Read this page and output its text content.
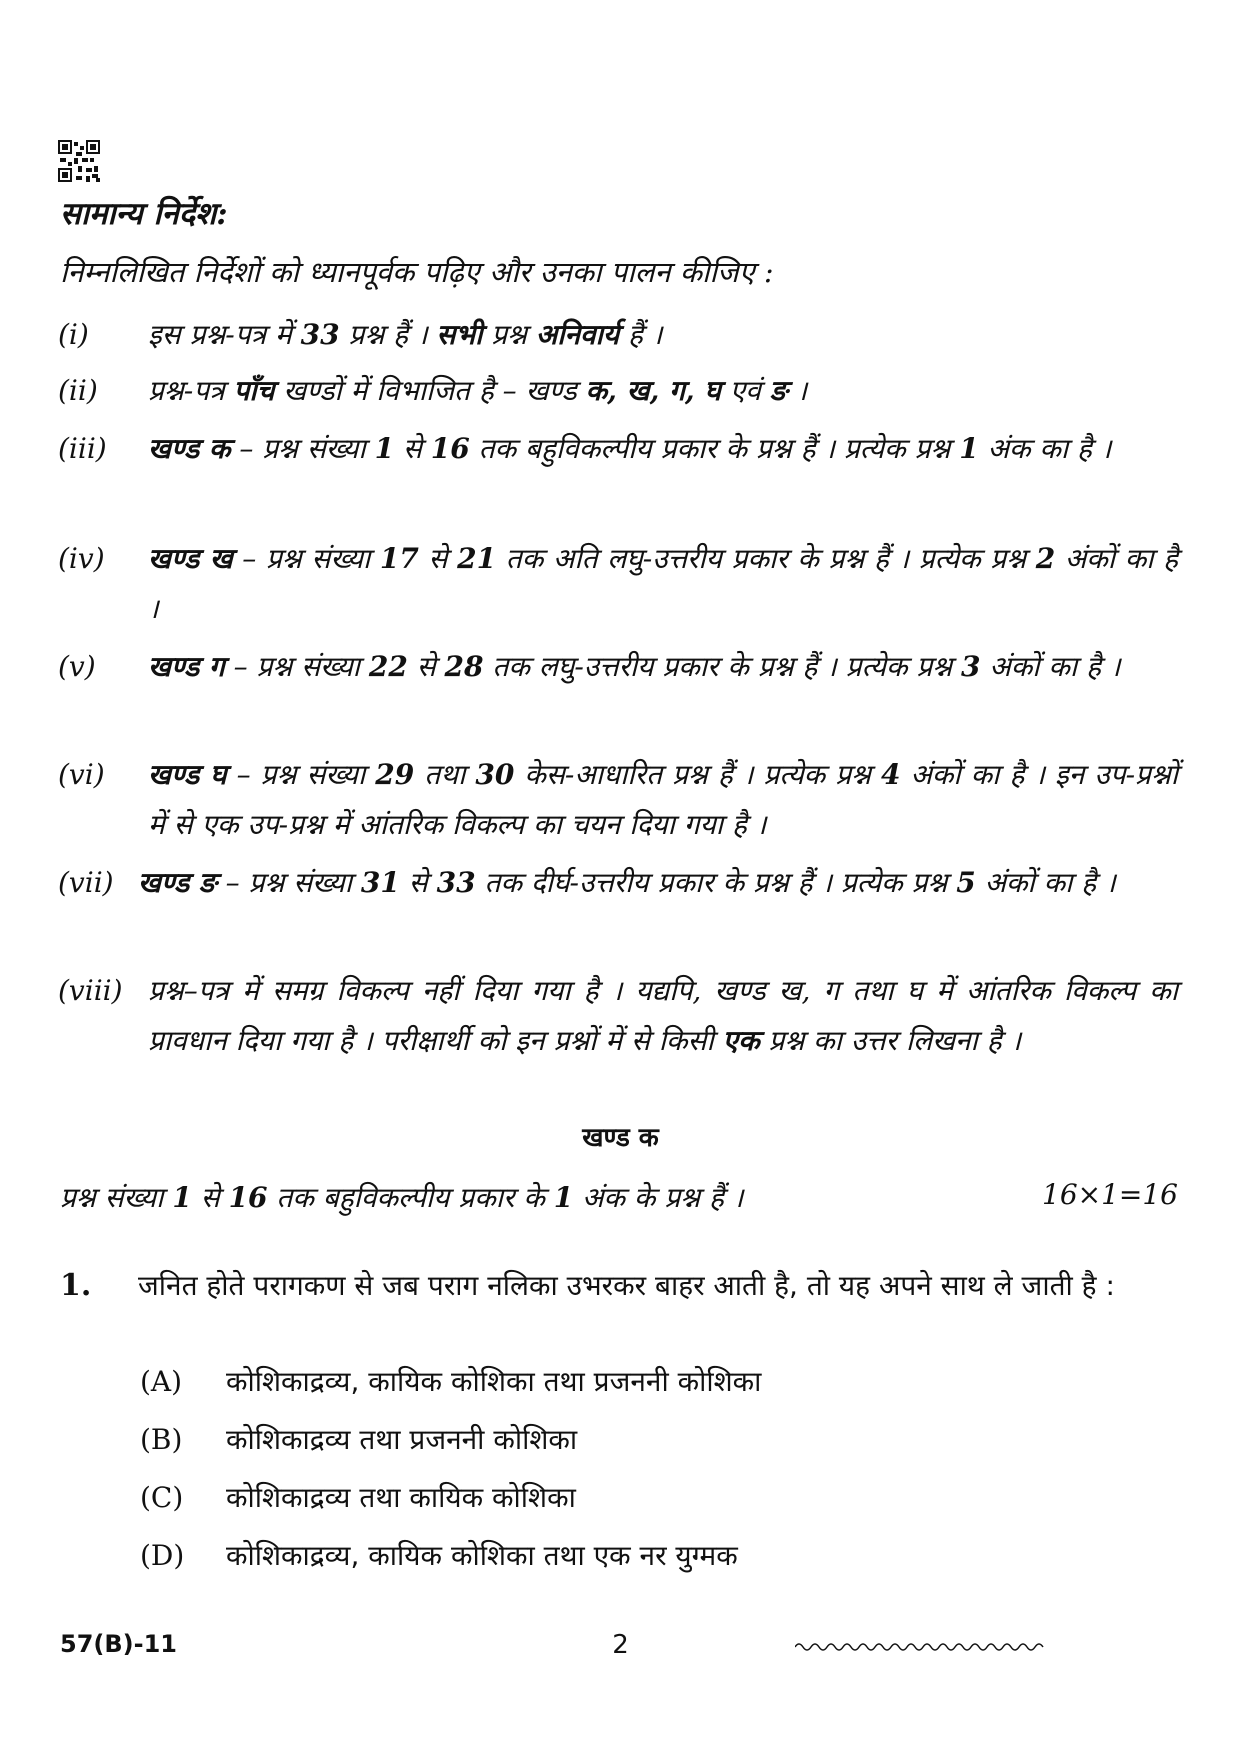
सामान्य निर्देश:
निम्नलिखित निर्देशों को ध्यानपूर्वक पढ़िए और उनका पालन कीजिए :
(i) इस प्रश्न-पत्र में 33 प्रश्न हैं । सभी प्रश्न अनिवार्य हैं ।
(ii) प्रश्न-पत्र पाँच खण्डों में विभाजित है – खण्ड क, ख, ग, घ एवं ङ ।
(iii) खण्ड क – प्रश्न संख्या 1 से 16 तक बहुविकल्पीय प्रकार के प्रश्न हैं । प्रत्येक प्रश्न 1 अंक का है ।
(iv) खण्ड ख – प्रश्न संख्या 17 से 21 तक अति लघु-उत्तरीय प्रकार के प्रश्न हैं । प्रत्येक प्रश्न 2 अंकों का है ।
(v) खण्ड ग – प्रश्न संख्या 22 से 28 तक लघु-उत्तरीय प्रकार के प्रश्न हैं । प्रत्येक प्रश्न 3 अंकों का है ।
(vi) खण्ड घ – प्रश्न संख्या 29 तथा 30 केस-आधारित प्रश्न हैं । प्रत्येक प्रश्न 4 अंकों का है । इन उप-प्रश्नों में से एक उप-प्रश्न में आंतरिक विकल्प का चयन दिया गया है ।
(vii) खण्ड ङ – प्रश्न संख्या 31 से 33 तक दीर्घ-उत्तरीय प्रकार के प्रश्न हैं । प्रत्येक प्रश्न 5 अंकों का है ।
(viii) प्रश्न–पत्र में समग्र विकल्प नहीं दिया गया है । यद्यपि, खण्ड ख, ग तथा घ में आंतरिक विकल्प का प्रावधान दिया गया है । परीक्षार्थी को इन प्रश्नों में से किसी एक प्रश्न का उत्तर लिखना है ।
खण्ड क
प्रश्न संख्या 1 से 16 तक बहुविकल्पीय प्रकार के 1 अंक के प्रश्न हैं ।	16×1=16
1. जनित होते परागकण से जब पराग नलिका उभरकर बाहर आती है, तो यह अपने साथ ले जाती है :
(A) कोशिकाद्रव्य, कायिक कोशिका तथा प्रजननी कोशिका
(B) कोशिकाद्रव्य तथा प्रजननी कोशिका
(C) कोशिकाद्रव्य तथा कायिक कोशिका
(D) कोशिकाद्रव्य, कायिक कोशिका तथा एक नर युग्मक
57(B)-11	2
